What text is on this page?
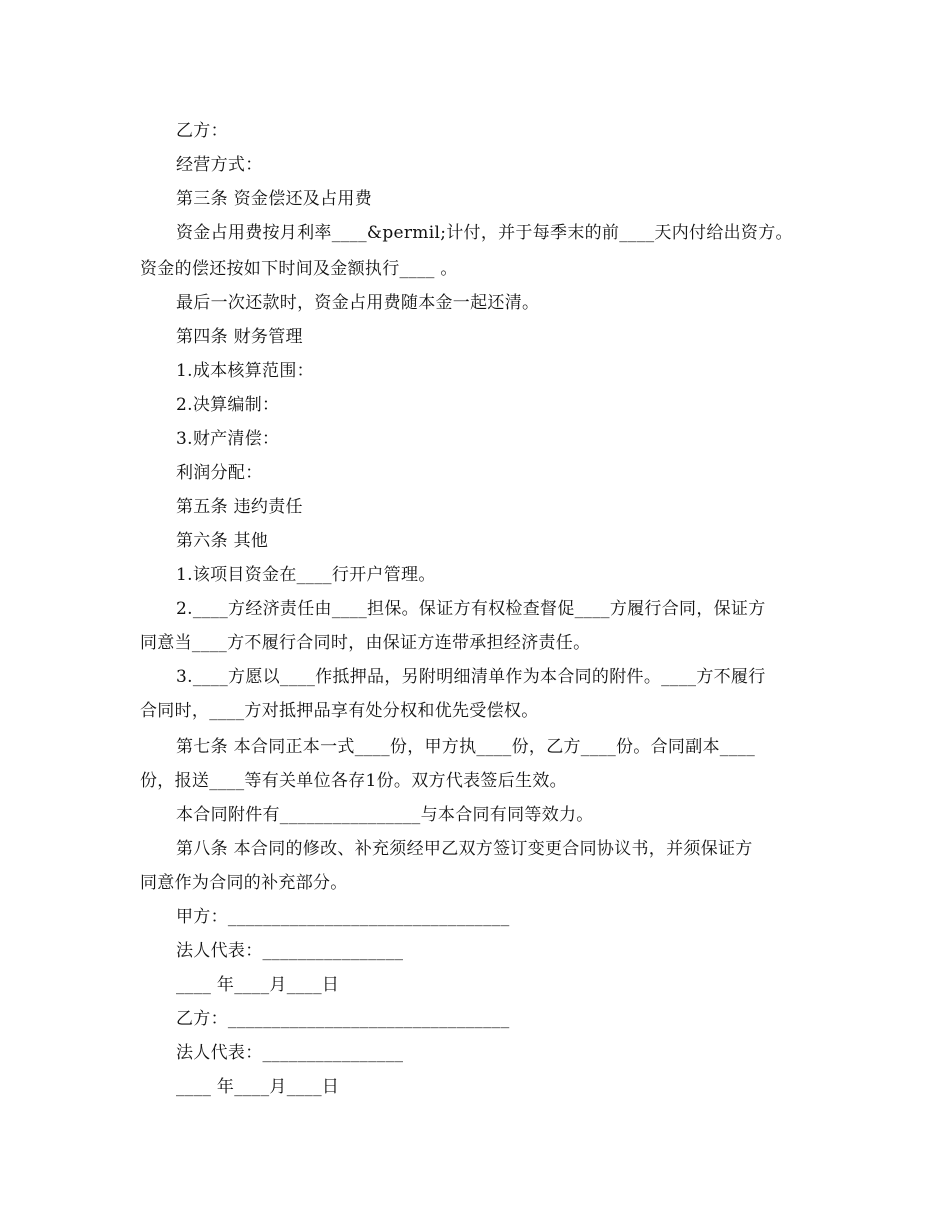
乙方：
经营方式：
第三条 资金偿还及占用费
资金占用费按月利率____&permil;计付，并于每季末的前____天内付给出资方。
资金的偿还按如下时间及金额执行____ 。
最后一次还款时，资金占用费随本金一起还清。
第四条 财务管理
1.成本核算范围：
2.决算编制：
3.财产清偿：
利润分配：
第五条 违约责任
第六条 其他
1.该项目资金在____行开户管理。
2.____方经济责任由____担保。保证方有权检查督促____方履行合同，保证方
同意当____方不履行合同时，由保证方连带承担经济责任。
3.____方愿以____作抵押品，另附明细清单作为本合同的附件。____方不履行
合同时，____方对抵押品享有处分权和优先受偿权。
第七条 本合同正本一式____份，甲方执____份，乙方____份。合同副本____
份，报送____等有关单位各存1份。双方代表签后生效。
本合同附件有________________与本合同有同等效力。
第八条 本合同的修改、补充须经甲乙双方签订变更合同协议书，并须保证方
同意作为合同的补充部分。
甲方：________________________________
法人代表：________________
____ 年____月____日
乙方：________________________________
法人代表：________________
____ 年____月____日
